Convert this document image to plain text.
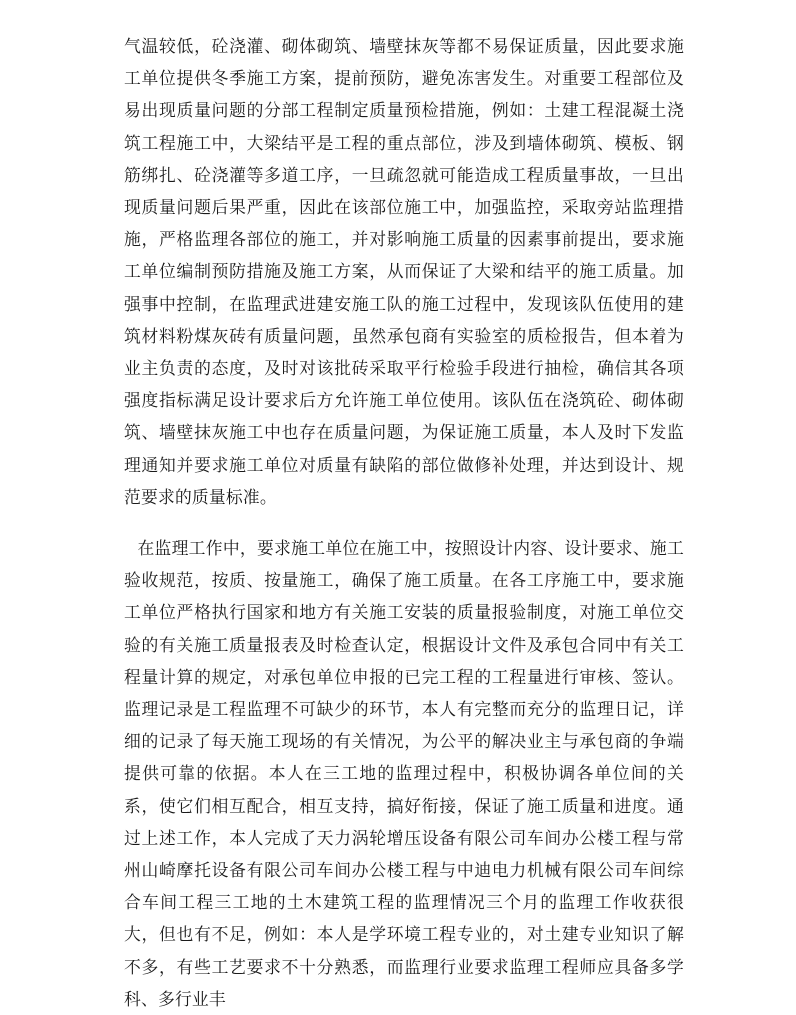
气温较低，砼浇灌、砌体砌筑、墙壁抹灰等都不易保证质量，因此要求施工单位提供冬季施工方案，提前预防，避免冻害发生。对重要工程部位及易出现质量问题的分部工程制定质量预检措施，例如：土建工程混凝土浇筑工程施工中，大梁结平是工程的重点部位，涉及到墙体砌筑、模板、钢筋绑扎、砼浇灌等多道工序，一旦疏忽就可能造成工程质量事故，一旦出现质量问题后果严重，因此在该部位施工中，加强监控，采取旁站监理措施，严格监理各部位的施工，并对影响施工质量的因素事前提出，要求施工单位编制预防措施及施工方案，从而保证了大梁和结平的施工质量。加强事中控制，在监理武进建安施工队的施工过程中，发现该队伍使用的建筑材料粉煤灰砖有质量问题，虽然承包商有实验室的质检报告，但本着为业主负责的态度，及时对该批砖采取平行检验手段进行抽检，确信其各项强度指标满足设计要求后方允许施工单位使用。该队伍在浇筑砼、砌体砌筑、墙壁抹灰施工中也存在质量问题，为保证施工质量，本人及时下发监理通知并要求施工单位对质量有缺陷的部位做修补处理，并达到设计、规范要求的质量标准。

在监理工作中，要求施工单位在施工中，按照设计内容、设计要求、施工验收规范，按质、按量施工，确保了施工质量。在各工序施工中，要求施工单位严格执行国家和地方有关施工安装的质量报验制度，对施工单位交验的有关施工质量报表及时检查认定，根据设计文件及承包合同中有关工程量计算的规定，对承包单位申报的已完工程的工程量进行审核、签认。监理记录是工程监理不可缺少的环节，本人有完整而充分的监理日记，详细的记录了每天施工现场的有关情况，为公平的解决业主与承包商的争端提供可靠的依据。本人在三工地的监理过程中，积极协调各单位间的关系，使它们相互配合，相互支持，搞好衔接，保证了施工质量和进度。通过上述工作，本人完成了天力涡轮增压设备有限公司车间办公楼工程与常州山崎摩托设备有限公司车间办公楼工程与中迪电力机械有限公司车间综合车间工程三工地的土木建筑工程的监理情况三个月的监理工作收获很大，但也有不足，例如：本人是学环境工程专业的，对土建专业知识了解不多，有些工艺要求不十分熟悉，而监理行业要求监理工程师应具备多学科、多行业丰
